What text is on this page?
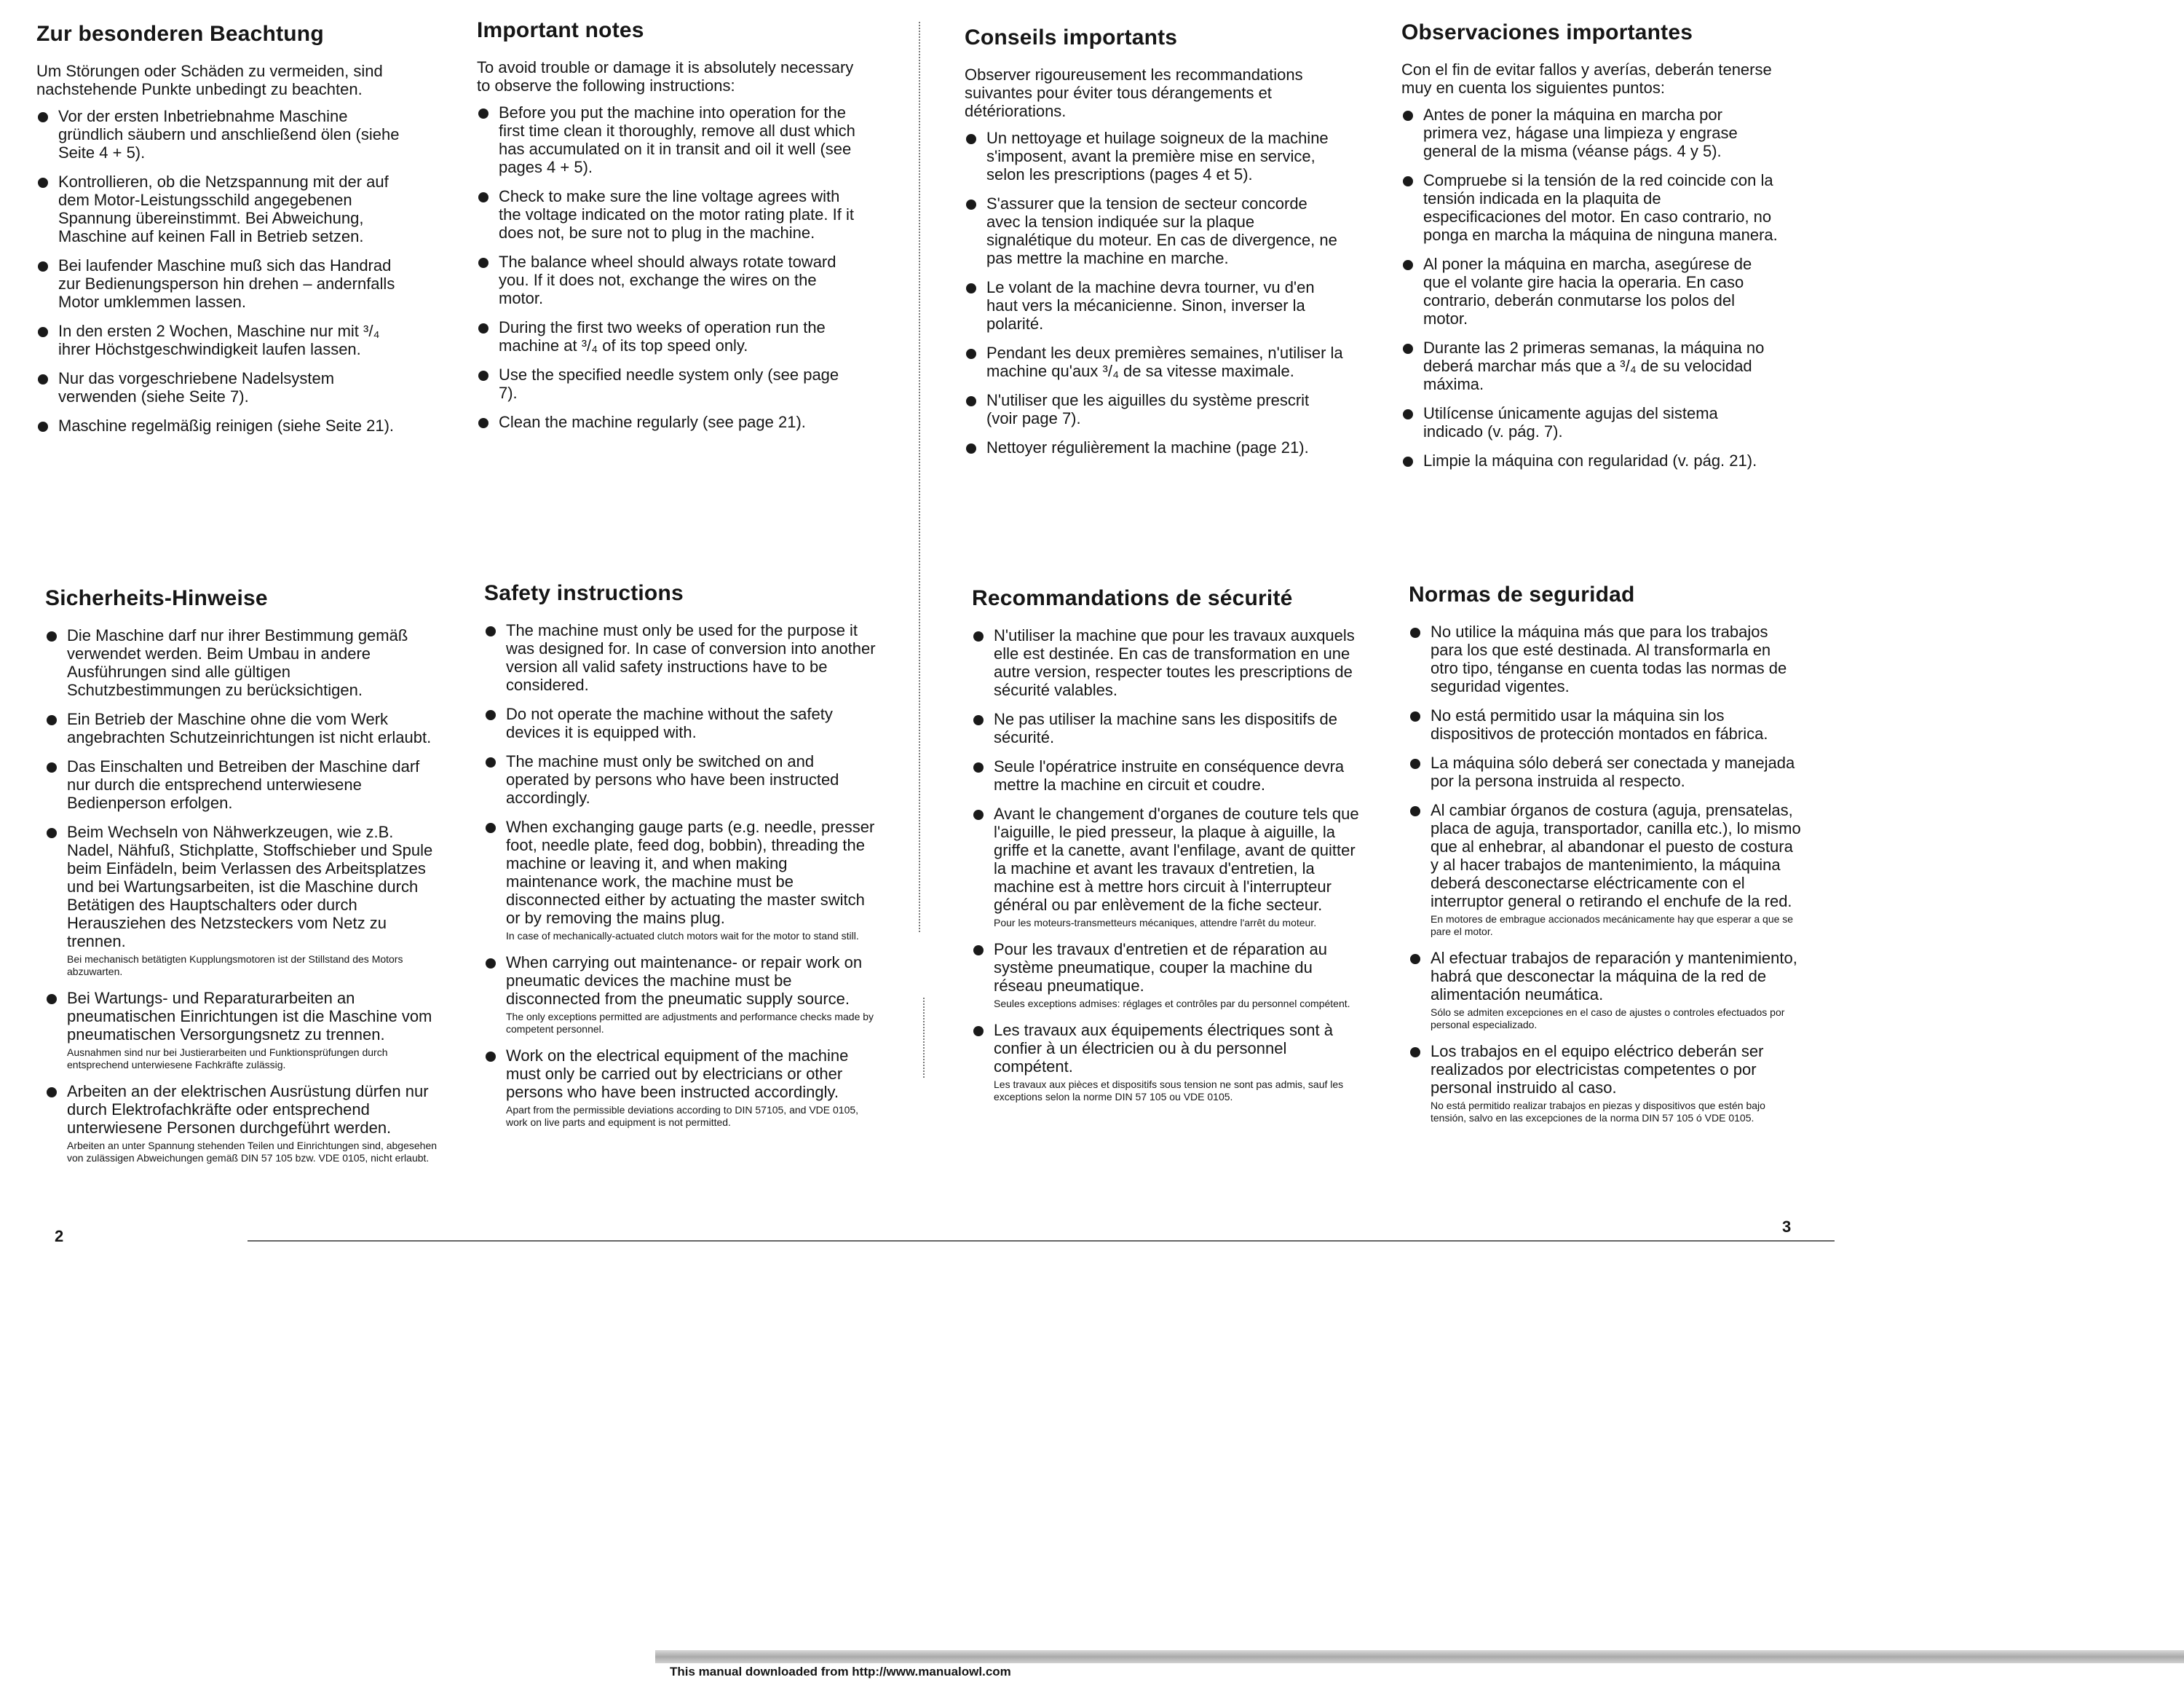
Zur besonderen Beachtung

Um Störungen oder Schäden zu vermeiden, sind nachstehende Punkte unbedingt zu beachten.

Vor der ersten Inbetriebnahme Maschine gründlich säubern und anschließend ölen (siehe Seite 4 + 5).
Kontrollieren, ob die Netzspannung mit der auf dem Motor-Leistungsschild angegebenen Spannung übereinstimmt. Bei Abweichung, Maschine auf keinen Fall in Betrieb setzen.
Bei laufender Maschine muß sich das Handrad zur Bedienungsperson hin drehen – andernfalls Motor umklemmen lassen.
In den ersten 2 Wochen, Maschine nur mit ³/₄ ihrer Höchstgeschwindigkeit laufen lassen.
Nur das vorgeschriebene Nadelsystem verwenden (siehe Seite 7).
Maschine regelmäßig reinigen (siehe Seite 21).
Important notes

To avoid trouble or damage it is absolutely necessary to observe the following instructions:

Before you put the machine into operation for the first time clean it thoroughly, remove all dust which has accumulated on it in transit and oil it well (see pages 4 + 5).
Check to make sure the line voltage agrees with the voltage indicated on the motor rating plate. If it does not, be sure not to plug in the machine.
The balance wheel should always rotate toward you. If it does not, exchange the wires on the motor.
During the first two weeks of operation run the machine at ³/₄ of its top speed only.
Use the specified needle system only (see page 7).
Clean the machine regularly (see page 21).
Conseils importants

Observer rigoureusement les recommandations suivantes pour éviter tous dérangements et détériorations.

Un nettoyage et huilage soigneux de la machine s'imposent, avant la première mise en service, selon les prescriptions (pages 4 et 5).
S'assurer que la tension de secteur concorde avec la tension indiquée sur la plaque signalétique du moteur. En cas de divergence, ne pas mettre la machine en marche.
Le volant de la machine devra tourner, vu d'en haut vers la mécanicienne. Sinon, inverser la polarité.
Pendant les deux premières semaines, n'utiliser la machine qu'aux ³/₄ de sa vitesse maximale.
N'utiliser que les aiguilles du système prescrit (voir page 7).
Nettoyer régulièrement la machine (page 21).
Observaciones importantes

Con el fin de evitar fallos y averías, deberán tenerse muy en cuenta los siguientes puntos:

Antes de poner la máquina en marcha por primera vez, hágase una limpieza y engrase general de la misma (véanse págs. 4 y 5).
Compruebe si la tensión de la red coincide con la tensión indicada en la plaquita de especificaciones del motor. En caso contrario, no ponga en marcha la máquina de ninguna manera.
Al poner la máquina en marcha, asegúrese de que el volante gire hacia la operaria. En caso contrario, deberán conmutarse los polos del motor.
Durante las 2 primeras semanas, la máquina no deberá marchar más que a ³/₄ de su velocidad máxima.
Utilícense únicamente agujas del sistema indicado (v. pág. 7).
Limpie la máquina con regularidad (v. pág. 21).
Sicherheits-Hinweise
Die Maschine darf nur ihrer Bestimmung gemäß verwendet werden. Beim Umbau in andere Ausführungen sind alle gültigen Schutzbestimmungen zu berücksichtigen.
Ein Betrieb der Maschine ohne die vom Werk angebrachten Schutzeinrichtungen ist nicht erlaubt.
Das Einschalten und Betreiben der Maschine darf nur durch die entsprechend unterwiesene Bedienperson erfolgen.
Beim Wechseln von Nähwerkzeugen, wie z.B. Nadel, Nähfuß, Stichplatte, Stoffschieber und Spule beim Einfädeln, beim Verlassen des Arbeitsplatzes und bei Wartungsarbeiten, ist die Maschine durch Betätigen des Hauptschalters oder durch Herausziehen des Netzsteckers vom Netz zu trennen.
Bei mechanisch betätigten Kupplungsmotoren ist der Stillstand des Motors abzuwarten.
Bei Wartungs- und Reparaturarbeiten an pneumatischen Einrichtungen ist die Maschine vom pneumatischen Versorgungsnetz zu trennen.
Ausnahmen sind nur bei Justierarbeiten und Funktionsprüfungen durch entsprechend unterwiesene Fachkräfte zulässig.
Arbeiten an der elektrischen Ausrüstung dürfen nur durch Elektrofachkräfte oder entsprechend unterwiesene Personen durchgeführt werden.
Arbeiten an unter Spannung stehenden Teilen und Einrichtungen sind, abgesehen von zulässigen Abweichungen gemäß DIN 57 105 bzw. VDE 0105, nicht erlaubt.
Safety instructions
The machine must only be used for the purpose it was designed for. In case of conversion into another version all valid safety instructions have to be considered.
Do not operate the machine without the safety devices it is equipped with.
The machine must only be switched on and operated by persons who have been instructed accordingly.
When exchanging gauge parts (e.g. needle, presser foot, needle plate, feed dog, bobbin), threading the machine or leaving it, and when making maintenance work, the machine must be disconnected either by actuating the master switch or by removing the mains plug.
In case of mechanically-actuated clutch motors wait for the motor to stand still.
When carrying out maintenance- or repair work on pneumatic devices the machine must be disconnected from the pneumatic supply source.
The only exceptions permitted are adjustments and performance checks made by competent personnel.
Work on the electrical equipment of the machine must only be carried out by electricians or other persons who have been instructed accordingly.
Apart from the permissible deviations according to DIN 57105, and VDE 0105, work on live parts and equipment is not permitted.
Recommandations de sécurité
N'utiliser la machine que pour les travaux auxquels elle est destinée. En cas de transformation en une autre version, respecter toutes les prescriptions de sécurité valables.
Ne pas utiliser la machine sans les dispositifs de sécurité.
Seule l'opératrice instruite en conséquence devra mettre la machine en circuit et coudre.
Avant le changement d'organes de couture tels que l'aiguille, le pied presseur, la plaque à aiguille, la griffe et la canette, avant l'enfilage, avant de quitter la machine et avant les travaux d'entretien, la machine est à mettre hors circuit à l'interrupteur général ou par enlèvement de la fiche secteur.
Pour les moteurs-transmetteurs mécaniques, attendre l'arrêt du moteur.
Pour les travaux d'entretien et de réparation au système pneumatique, couper la machine du réseau pneumatique.
Seules exceptions admises: réglages et contrôles par du personnel compétent.
Les travaux aux équipements électriques sont à confier à un électricien ou à du personnel compétent.
Les travaux aux pièces et dispositifs sous tension ne sont pas admis, sauf les exceptions selon la norme DIN 57 105 ou VDE 0105.
Normas de seguridad
No utilice la máquina más que para los trabajos para los que esté destinada. Al transformarla en otro tipo, ténganse en cuenta todas las normas de seguridad vigentes.
No está permitido usar la máquina sin los dispositivos de protección montados en fábrica.
La máquina sólo deberá ser conectada y manejada por la persona instruida al respecto.
Al cambiar órganos de costura (aguja, prensatelas, placa de aguja, transportador, canilla etc.), lo mismo que al enhebrar, al abandonar el puesto de costura y al hacer trabajos de mantenimiento, la máquina deberá desconectarse eléctricamente con el interruptor general o retirando el enchufe de la red.
En motores de embrague accionados mecánicamente hay que esperar a que se pare el motor.
Al efectuar trabajos de reparación y mantenimiento, habrá que desconectar la máquina de la red de alimentación neumática.
Sólo se admiten excepciones en el caso de ajustes o controles efectuados por personal especializado.
Los trabajos en el equipo eléctrico deberán ser realizados por electricistas competentes o por personal instruido al caso.
No está permitido realizar trabajos en piezas y dispositivos que estén bajo tensión, salvo en las excepciones de la norma DIN 57 105 ó VDE 0105.
2
3
This manual downloaded from http://www.manualowl.com
